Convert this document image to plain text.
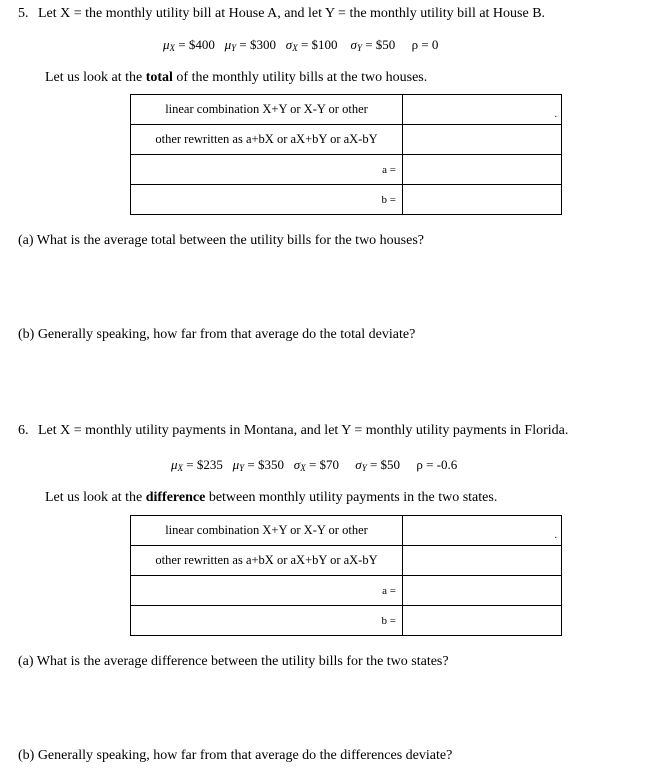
5. Let X = the monthly utility bill at House A, and let Y = the monthly utility bill at House B.
$\mu_X$ = $400 $\mu_Y$ = $300 $\sigma_X$ = $100 $\sigma_Y$ = $50     ρ = 0
Let us look at the total of the monthly utility bills at the two houses.
linear combination X+Y or X-Y or other	.

other rewritten as a+bX or aX+bY or aX-bY	
a =	
b =	
(a) What is the average total between the utility bills for the two houses?
(b) Generally speaking, how far from that average do the total deviate?
6. Let X = monthly utility payments in Montana, and let Y = monthly utility payments in Florida.
$\mu_X$ = $235 $\mu_Y$ = $350 $\sigma_X$ = $70 $\sigma_Y$ = $50     ρ = -0.6
Let us look at the difference between monthly utility payments in the two states.
linear combination X+Y or X-Y or other	.

other rewritten as a+bX or aX+bY or aX-bY	
a =	
b =	
(a) What is the average difference between the utility bills for the two states?
(b) Generally speaking, how far from that average do the differences deviate?
